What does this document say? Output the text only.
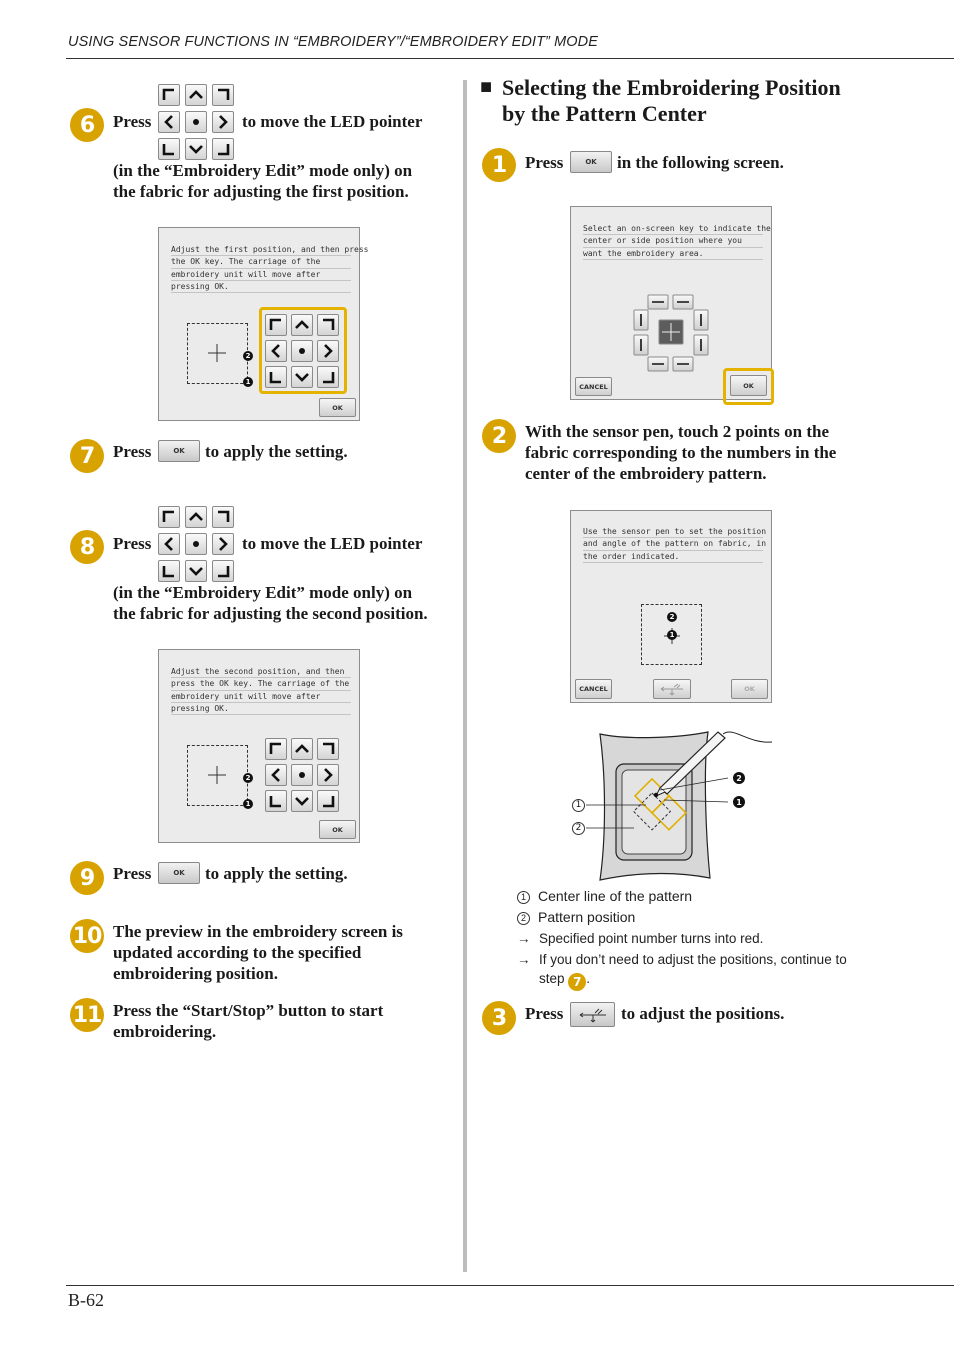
USING SENSOR FUNCTIONS IN “EMBROIDERY”/“EMBROIDERY EDIT” MODE
6	Press	to move the LED pointer
(in the “Embroidery Edit” mode only) on
the fabric for adjusting the first position.
Adjust the first position, and then press
the OK key. The carriage of the
embroidery unit will move after
pressing OK.
2
1
OK
7	Press	OK	to apply the setting.
8	Press	to move the LED pointer
(in the “Embroidery Edit” mode only) on
the fabric for adjusting the second position.
Adjust the second position, and then
press the OK key. The carriage of the
embroidery unit will move after
pressing OK.
2
1
OK
9	Press	OK	to apply the setting.
10 The preview in the embroidery screen is
updated according to the specified
embroidering position.
11 Press the “Start/Stop” button to start
embroidering.
■ Selecting the Embroidering Position
by the Pattern Center
1	Press	OK	in the following screen.
Select an on-screen key to indicate the
center or side position where you
want the embroidery area.
CANCEL	OK
2	With the sensor pen, touch 2 points on the
fabric corresponding to the numbers in the
center of the embroidery pattern.
Use the sensor pen to set the position
and angle of the pattern on fabric, in
the order indicated.
2
1
CANCEL	OK
1
2
2
1
1 Center line of the pattern
2 Pattern position
→ Specified point number turns into red.
→ If you don’t need to adjust the positions, continue to
step 7 .
3	Press	to adjust the positions.
B-62
